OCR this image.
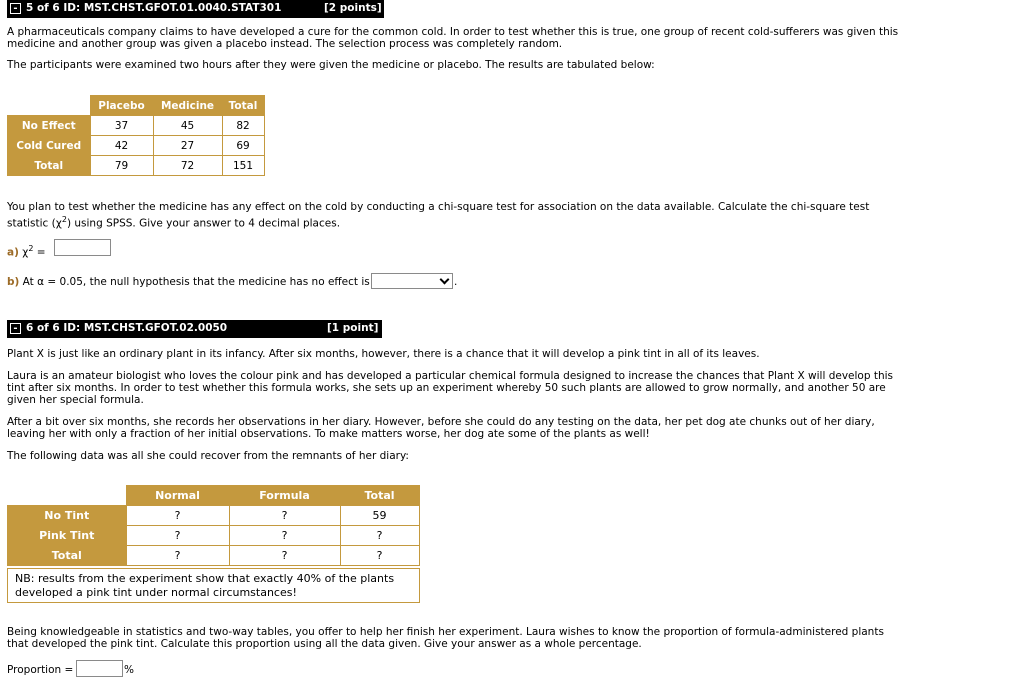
- 5 of 6 ID: MST.CHST.GFOT.01.0040.STAT301	[2 points]

A pharmaceuticals company claims to have developed a cure for the common cold. In order to test whether this is true, one group of recent cold-sufferers was given this

medicine and another group was given a placebo instead. The selection process was completely random.

The participants were examined two hours after they were given the medicine or placebo. The results are tabulated below:

	Placebo	Medicine	Total
No Effect	37	45	82
Cold Cured	42	27	69
Total	79	72	151

You plan to test whether the medicine has any effect on the cold by conducting a chi-square test for association on the data available. Calculate the chi-square test

statistic $(\chi^2)$ using SPSS. Give your answer to 4 decimal places.

a) $\chi^2$ =

b) At α = 0.05, the null hypothesis that the medicine has no effect is	.
- 6 of 6 ID: MST.CHST.GFOT.02.0050	[1 point]

Plant X is just like an ordinary plant in its infancy. After six months, however, there is a chance that it will develop a pink tint in all of its leaves.

Laura is an amateur biologist who loves the colour pink and has developed a particular chemical formula designed to increase the chances that Plant X will develop this

tint after six months. In order to test whether this formula works, she sets up an experiment whereby 50 such plants are allowed to grow normally, and another 50 are

given her special formula.

After a bit over six months, she records her observations in her diary. However, before she could do any testing on the data, her pet dog ate chunks out of her diary,

leaving her with only a fraction of her initial observations. To make matters worse, her dog ate some of the plants as well!

The following data was all she could recover from the remnants of her diary:

	Normal	Formula	Total
No Tint	?	?	59
Pink Tint	?	?	?
Total	?	?	?
NB: results from the experiment show that exactly 40% of the plants developed a pink tint under normal circumstances!

Being knowledgeable in statistics and two-way tables, you offer to help her finish her experiment. Laura wishes to know the proportion of formula-administered plants

that developed the pink tint. Calculate this proportion using all the data given. Give your answer as a whole percentage.

Proportion =	%
